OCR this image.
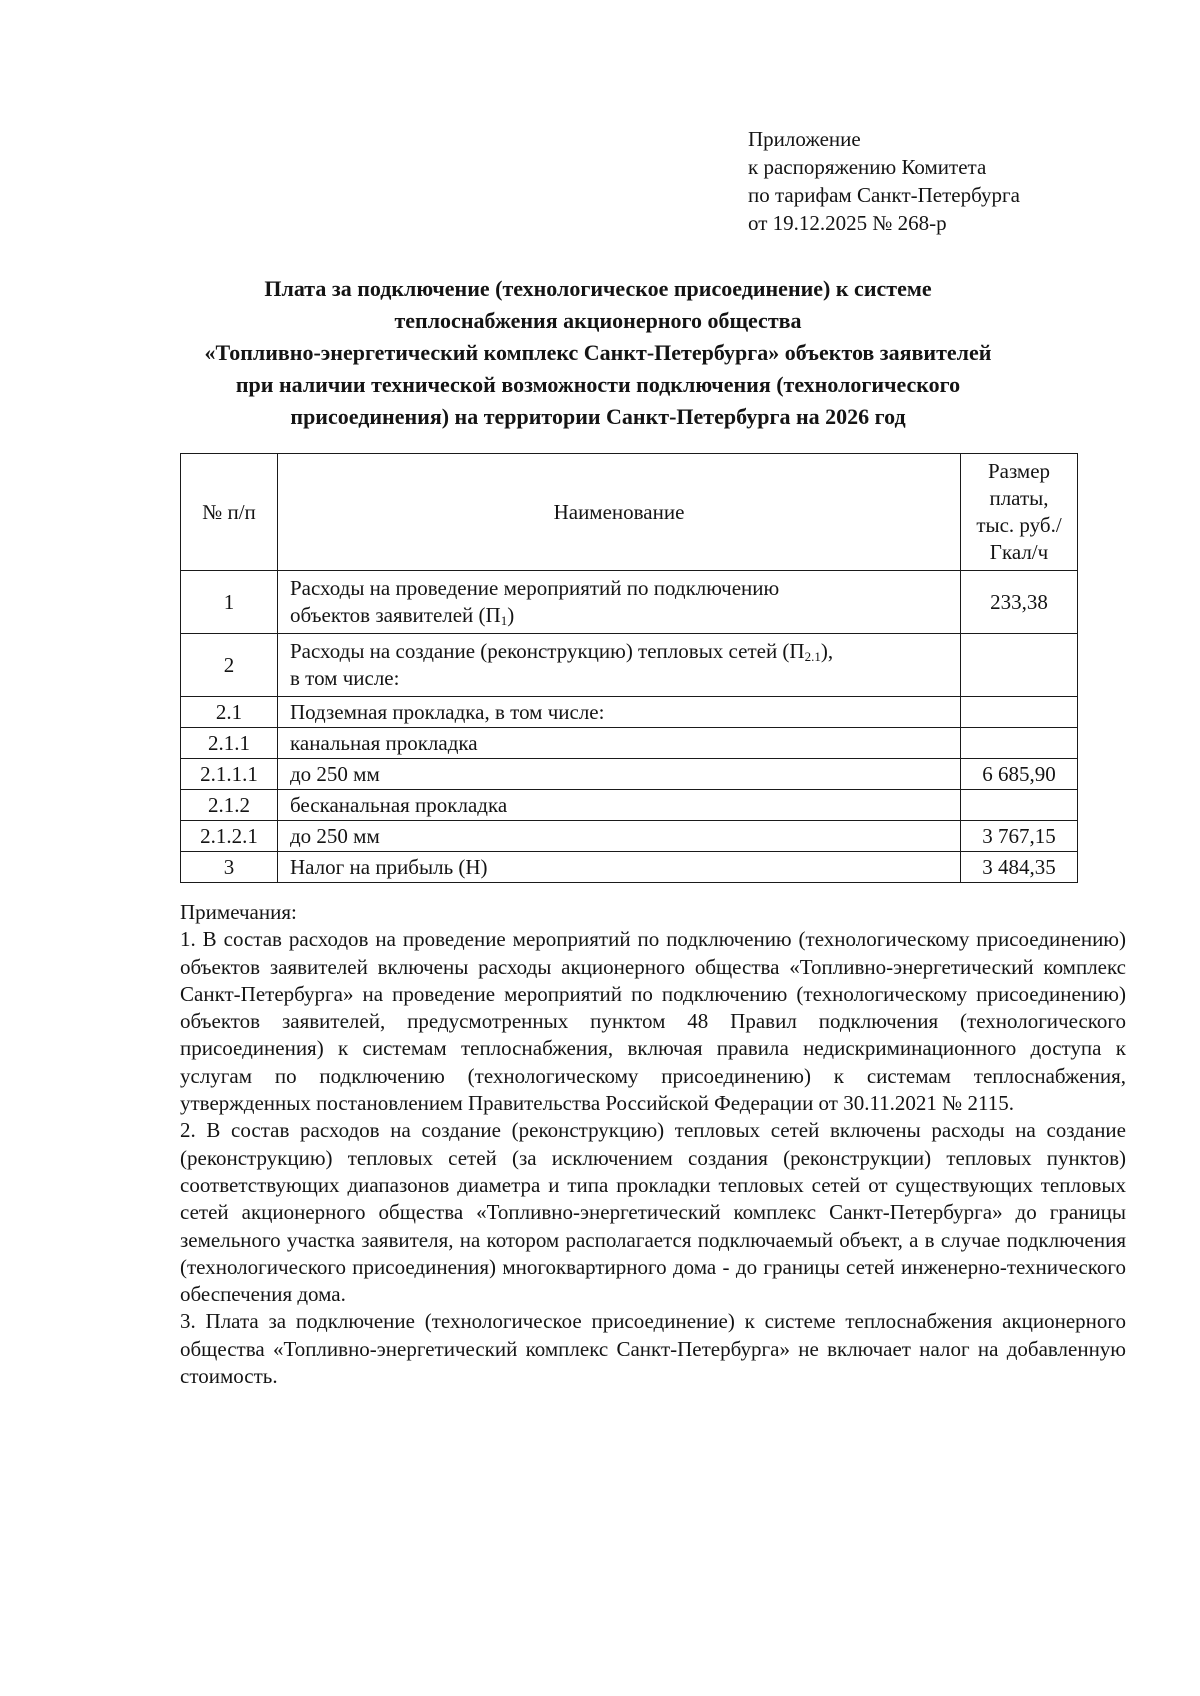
Приложение
к распоряжению Комитета
по тарифам Санкт-Петербурга
от 19.12.2025 № 268-р
Плата за подключение (технологическое присоединение) к системе
теплоснабжения акционерного общества
«Топливно-энергетический комплекс Санкт-Петербурга» объектов заявителей
при наличии технической возможности подключения (технологического
присоединения) на территории Санкт-Петербурга на 2026 год
№ п/п	Наименование	Размер
платы,
тыс. руб./
Гкал/ч

1	Расходы на проведение мероприятий по подключению
объектов заявителей $(П_1)$	233,38
2	Расходы на создание (реконструкцию) тепловых сетей $(П_{2.1})$,
в том числе:	

2.1	Подземная прокладка, в том числе:	
2.1.1	канальная прокладка	
2.1.1.1	до 250 мм	6 685,90
2.1.2	бесканальная прокладка	
2.1.2.1	до 250 мм	3 767,15
3	Налог на прибыль (Н)	3 484,35

Примечания:

1. В состав расходов на проведение мероприятий по подключению (технологическому присоединению) объектов заявителей включены расходы акционерного общества «Топливно-энергетический комплекс Санкт-Петербурга» на проведение мероприятий по подключению (технологическому присоединению) объектов заявителей, предусмотренных пунктом 48 Правил подключения (технологического присоединения) к системам теплоснабжения, включая правила недискриминационного доступа к услугам по подключению (технологическому присоединению) к системам теплоснабжения, утвержденных постановлением Правительства Российской Федерации от 30.11.2021 № 2115.

2. В состав расходов на создание (реконструкцию) тепловых сетей включены расходы на создание (реконструкцию) тепловых сетей (за исключением создания (реконструкции) тепловых пунктов) соответствующих диапазонов диаметра и типа прокладки тепловых сетей от существующих тепловых сетей акционерного общества «Топливно-энергетический комплекс Санкт-Петербурга» до границы земельного участка заявителя, на котором располагается подключаемый объект, а в случае подключения (технологического присоединения) многоквартирного дома - до границы сетей инженерно-технического обеспечения дома.

3. Плата за подключение (технологическое присоединение) к системе теплоснабжения акционерного общества «Топливно-энергетический комплекс Санкт-Петербурга» не включает налог на добавленную стоимость.
